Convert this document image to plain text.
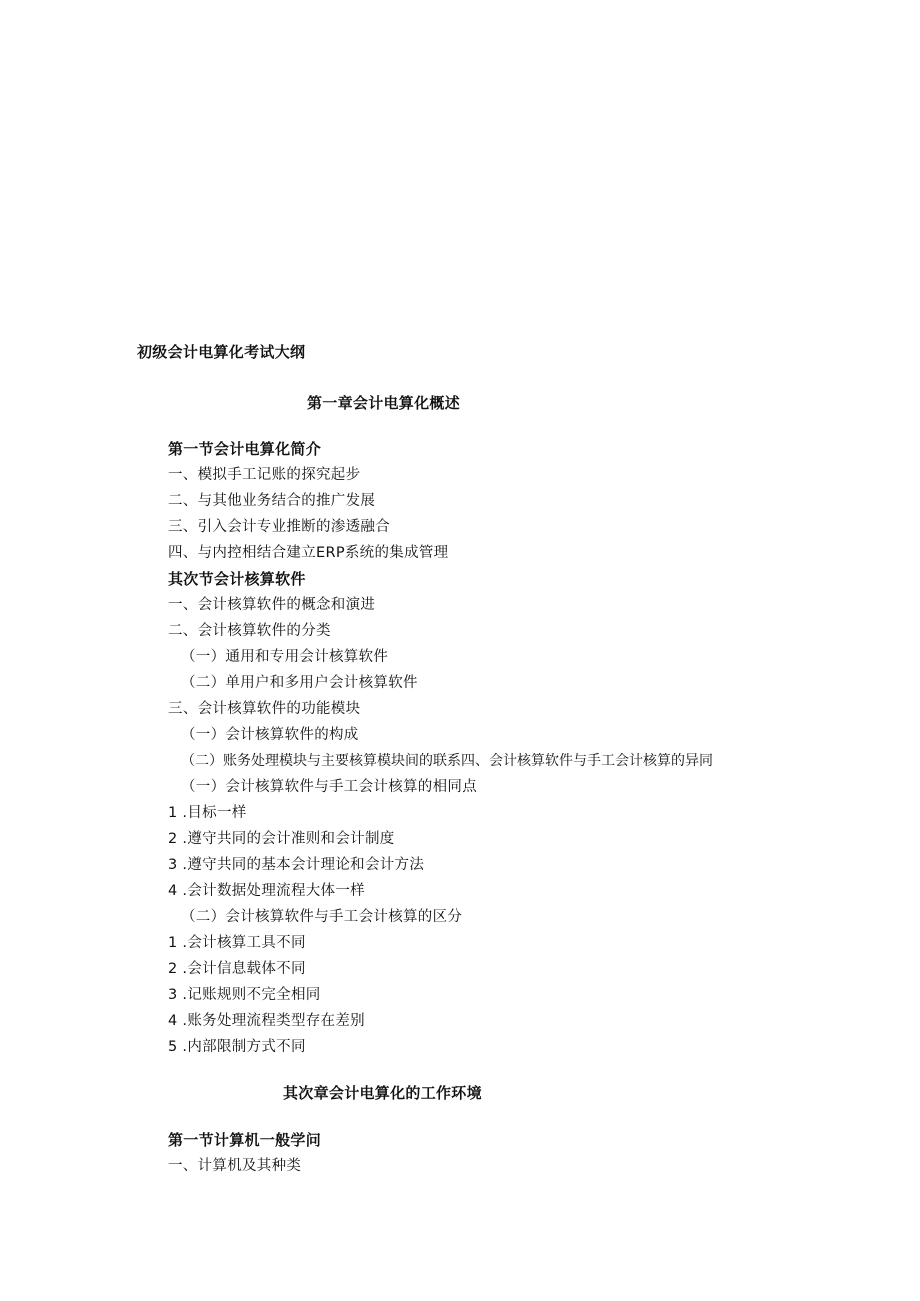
初级会计电算化考试大纲
第一章会计电算化概述
第一节会计电算化简介
一、模拟手工记账的探究起步
二、与其他业务结合的推广发展
三、引入会计专业推断的渗透融合
四、与内控相结合建立ERP系统的集成管理
其次节会计核算软件
一、会计核算软件的概念和演进
二、会计核算软件的分类
（一）通用和专用会计核算软件
（二）单用户和多用户会计核算软件
三、会计核算软件的功能模块
（一）会计核算软件的构成
（二）账务处理模块与主要核算模块间的联系四、会计核算软件与手工会计核算的异同
（一）会计核算软件与手工会计核算的相同点
1 .目标一样
2 .遵守共同的会计准则和会计制度
3 .遵守共同的基本会计理论和会计方法
4 .会计数据处理流程大体一样
（二）会计核算软件与手工会计核算的区分
1 .会计核算工具不同
2 .会计信息载体不同
3 .记账规则不完全相同
4 .账务处理流程类型存在差别
5 .内部限制方式不同
其次章会计电算化的工作环境
第一节计算机一般学问
一、计算机及其种类
